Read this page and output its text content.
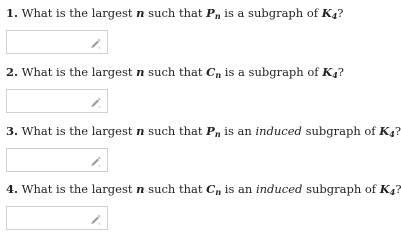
1. What is the largest n such that Pn is a subgraph of K4?
2. What is the largest n such that Cn is a subgraph of K4?
3. What is the largest n such that Pn is an induced subgraph of K4?
4. What is the largest n such that Cn is an induced subgraph of K4?
